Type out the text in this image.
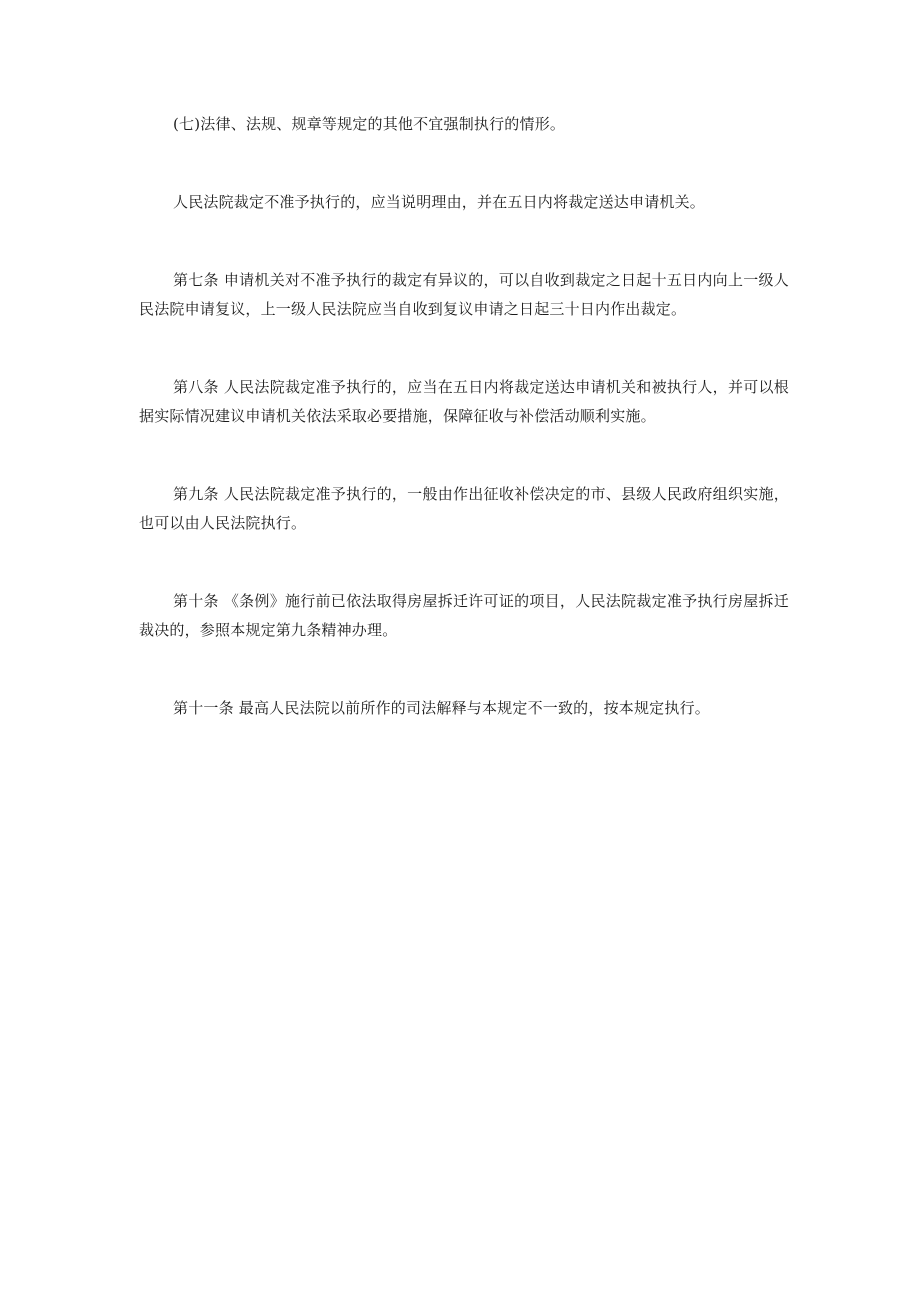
(七)法律、法规、规章等规定的其他不宜强制执行的情形。

人民法院裁定不准予执行的，应当说明理由，并在五日内将裁定送达申请机关。

第七条 申请机关对不准予执行的裁定有异议的，可以自收到裁定之日起十五日内向上一级人民法院申请复议，上一级人民法院应当自收到复议申请之日起三十日内作出裁定。

第八条 人民法院裁定准予执行的，应当在五日内将裁定送达申请机关和被执行人，并可以根据实际情况建议申请机关依法采取必要措施，保障征收与补偿活动顺利实施。

第九条 人民法院裁定准予执行的，一般由作出征收补偿决定的市、县级人民政府组织实施，也可以由人民法院执行。

第十条 《条例》施行前已依法取得房屋拆迁许可证的项目，人民法院裁定准予执行房屋拆迁裁决的，参照本规定第九条精神办理。

第十一条 最高人民法院以前所作的司法解释与本规定不一致的，按本规定执行。
